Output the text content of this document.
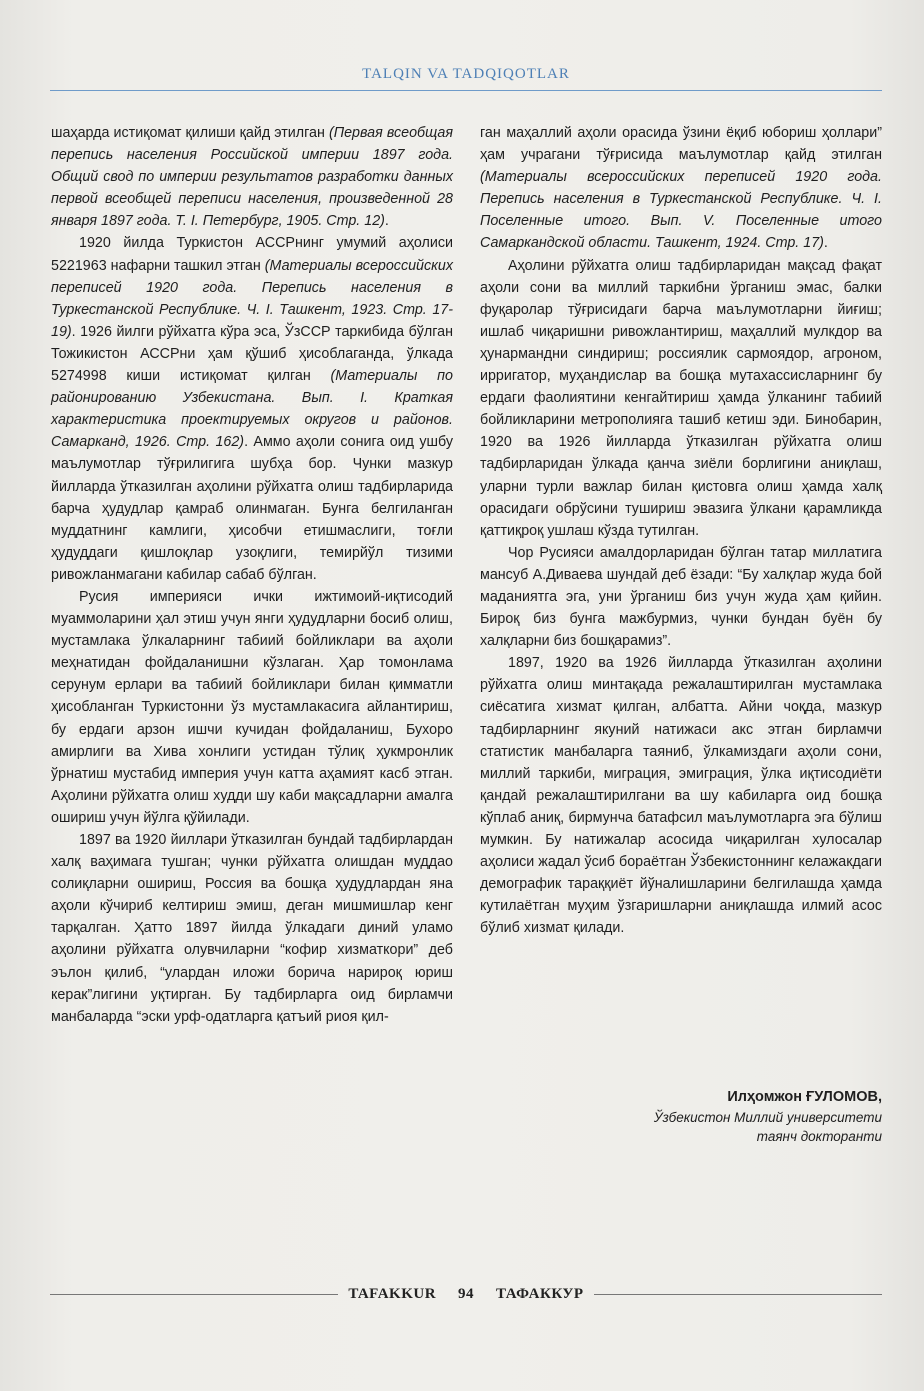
TALQIN VA TADQIQOTLAR

шаҳарда истиқомат қилиши қайд этилган (Первая всеобщая перепись населения Российской империи 1897 года. Общий свод по империи результатов разработки данных первой всеобщей переписи населения, произведенной 28 января 1897 года. Т. I. Петербург, 1905. Стр. 12).

1920 йилда Туркистон АССРнинг умумий аҳолиси 5221963 нафарни ташкил этган (Материалы всероссийских переписей 1920 года. Перепись населения в Туркестанской Республике. Ч. I. Ташкент, 1923. Стр. 17-19). 1926 йилги рўйхатга кўра эса, ЎзССР таркибида бўлган Тожикистон АССРни ҳам қўшиб ҳисоблаганда, ўлкада 5274998 киши истиқомат қилган (Материалы по районированию Узбекистана. Вып. I. Краткая характеристика проектируемых округов и районов. Самарканд, 1926. Стр. 162). Аммо аҳоли сонига оид ушбу маълумотлар тўғрилигига шубҳа бор. Чунки мазкур йилларда ўтказилган аҳолини рўйхатга олиш тадбирларида барча ҳудудлар қамраб олинмаган. Бунга белгиланган муддатнинг камлиги, ҳисобчи етишмаслиги, тоғли ҳудуддаги қишлоқлар узоқлиги, темирйўл тизими ривожланмагани кабилар сабаб бўлган.

Русия империяси ички ижтимоий-иқтисодий муаммоларини ҳал этиш учун янги ҳудудларни босиб олиш, мустамлака ўлкаларнинг табиий бойликлари ва аҳоли меҳнатидан фойдаланишни кўзлаган. Ҳар томонлама серунум ерлари ва табиий бойликлари билан қимматли ҳисобланган Туркистонни ўз мустамлакасига айлантириш, бу ердаги арзон ишчи кучидан фойдаланиш, Бухоро амирлиги ва Хива хонлиги устидан тўлиқ ҳукмронлик ўрнатиш мустабид империя учун катта аҳамият касб этган. Аҳолини рўйхатга олиш худди шу каби мақсадларни амалга ошириш учун йўлга қўйилади.

1897 ва 1920 йиллари ўтказилган бундай тадбирлардан халқ ваҳимага тушган; чунки рўйхатга олишдан муддао солиқларни ошириш, Россия ва бошқа ҳудудлардан яна аҳоли кўчириб келтириш эмиш, деган мишмишлар кенг тарқалган. Ҳатто 1897 йилда ўлкадаги диний уламо аҳолини рўйхатга олувчиларни “кофир хизматкори” деб эълон қилиб, “улардан иложи борича нарироқ юриш керак”лигини уқтирган. Бу тадбирларга оид бирламчи манбаларда “эски урф-одатларга қатъий риоя қил-

ган маҳаллий аҳоли орасида ўзини ёқиб юбориш ҳоллари” ҳам учрагани тўғрисида маълумотлар қайд этилган (Материалы всероссийских переписей 1920 года. Перепись населения в Туркестанской Республике. Ч. I. Поселенные итого. Вып. V. Поселенные итого Самаркандской области. Ташкент, 1924. Стр. 17).

Аҳолини рўйхатга олиш тадбирларидан мақсад фақат аҳоли сони ва миллий таркибни ўрганиш эмас, балки фуқаролар тўғрисидаги барча маълумотларни йиғиш; ишлаб чиқаришни ривожлантириш, маҳаллий мулкдор ва ҳунармандни синдириш; россиялик сармоядор, агроном, ирригатор, муҳандислар ва бошқа мутахассисларнинг бу ердаги фаолиятини кенгайтириш ҳамда ўлканинг табиий бойликларини метрополияга ташиб кетиш эди. Бинобарин, 1920 ва 1926 йилларда ўтказилган рўйхатга олиш тадбирларидан ўлкада қанча зиёли борлигини аниқлаш, уларни турли важлар билан қистовга олиш ҳамда халқ орасидаги обрўсини тушириш эвазига ўлкани қарамликда қаттиқроқ ушлаш кўзда тутилган.

Чор Русияси амалдорларидан бўлган татар миллатига мансуб А.Диваева шундай деб ёзади: “Бу халқлар жуда бой маданиятга эга, уни ўрганиш биз учун жуда ҳам қийин. Бироқ биз бунга мажбурмиз, чунки бундан буён бу халқларни биз бошқарамиз”.

1897, 1920 ва 1926 йилларда ўтказилган аҳолини рўйхатга олиш минтақада режалаштирилган мустамлака сиёсатига хизмат қилган, албатта. Айни чоқда, мазкур тадбирларнинг якуний натижаси акс этган бирламчи статистик манбаларга таяниб, ўлкамиздаги аҳоли сони, миллий таркиби, миграция, эмиграция, ўлка иқтисодиёти қандай режалаштирилгани ва шу кабиларга оид бошқа кўплаб аниқ, бирмунча батафсил маълумотларга эга бўлиш мумкин. Бу натижалар асосида чиқарилган хулосалар аҳолиси жадал ўсиб бораётган Ўзбекистоннинг келажакдаги демографик тараққиёт йўналишларини белгилашда ҳамда кутилаётган муҳим ўзгаришларни аниқлашда илмий асос бўлиб хизмат қилади.

Илҳомжон ҒУЛОМОВ,
Ўзбекистон Миллий университети
таянч докторанти
TAFAKKUR 94 ТАФАККУР
